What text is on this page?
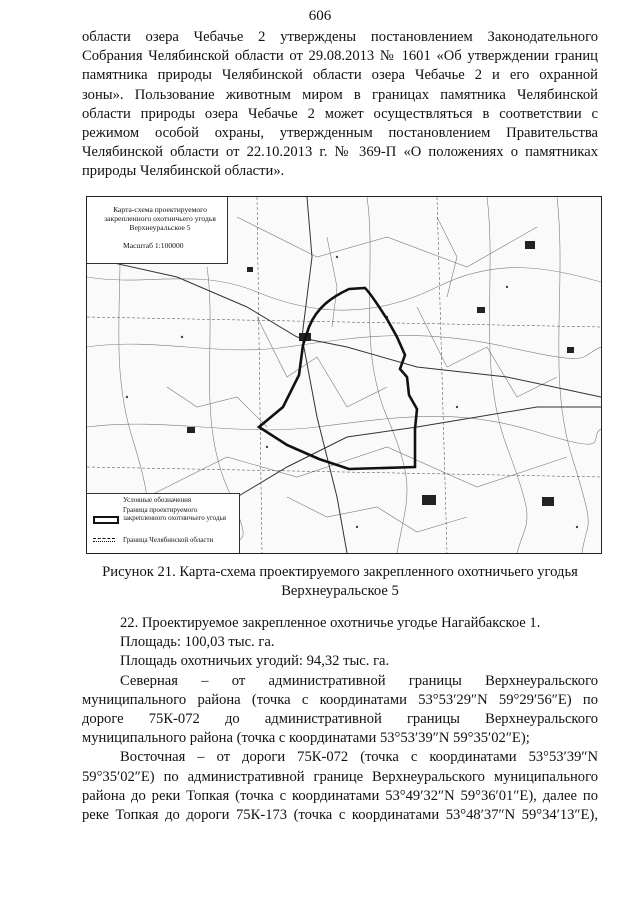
606
области озера Чебачье 2 утверждены постановлением Законодательного
Собрания Челябинской области от 29.08.2013 № 1601 «Об утверждении границ
памятника природы Челябинской области озера Чебачье 2 и его охранной
зоны». Пользование животным миром в границах памятника Челябинской
области природы озера Чебачье 2 может осуществляться в соответствии с
режимом особой охраны, утвержденным постановлением Правительства
Челябинской области от 22.10.2013 г. № 369-П «О положениях о памятниках
природы Челябинской области».
Карта-схема проектируемого
закрепленного охотничьего угодья
Верхнеуральское 5
Масштаб 1:100000
Условные обозначения
Граница проектируемого закрепленного охотничьего угодья
Граница Челябинской области
Рисунок 21. Карта-схема проектируемого закрепленного охотничьего угодья
Верхнеуральское 5
22. Проектируемое закрепленное охотничье угодье Нагайбакское 1.
Площадь: 100,03 тыс. га.
Площадь охотничьих угодий: 94,32 тыс. га.
Северная – от административной границы Верхнеуральского
муниципального района (точка с координатами 53°53′29″N 59°29′56″E) по
дороге 75К-072 до административной границы Верхнеуральского
муниципального района (точка с координатами 53°53′39″N 59°35′02″E);
Восточная – от дороги 75К-072 (точка с координатами 53°53′39″N
59°35′02″E) по административной границе Верхнеуральского муниципального
района до реки Топкая (точка с координатами 53°49′32″N 59°36′01″E), далее по
реке Топкая до дороги 75К-173 (точка с координатами 53°48′37″N 59°34′13″E),
